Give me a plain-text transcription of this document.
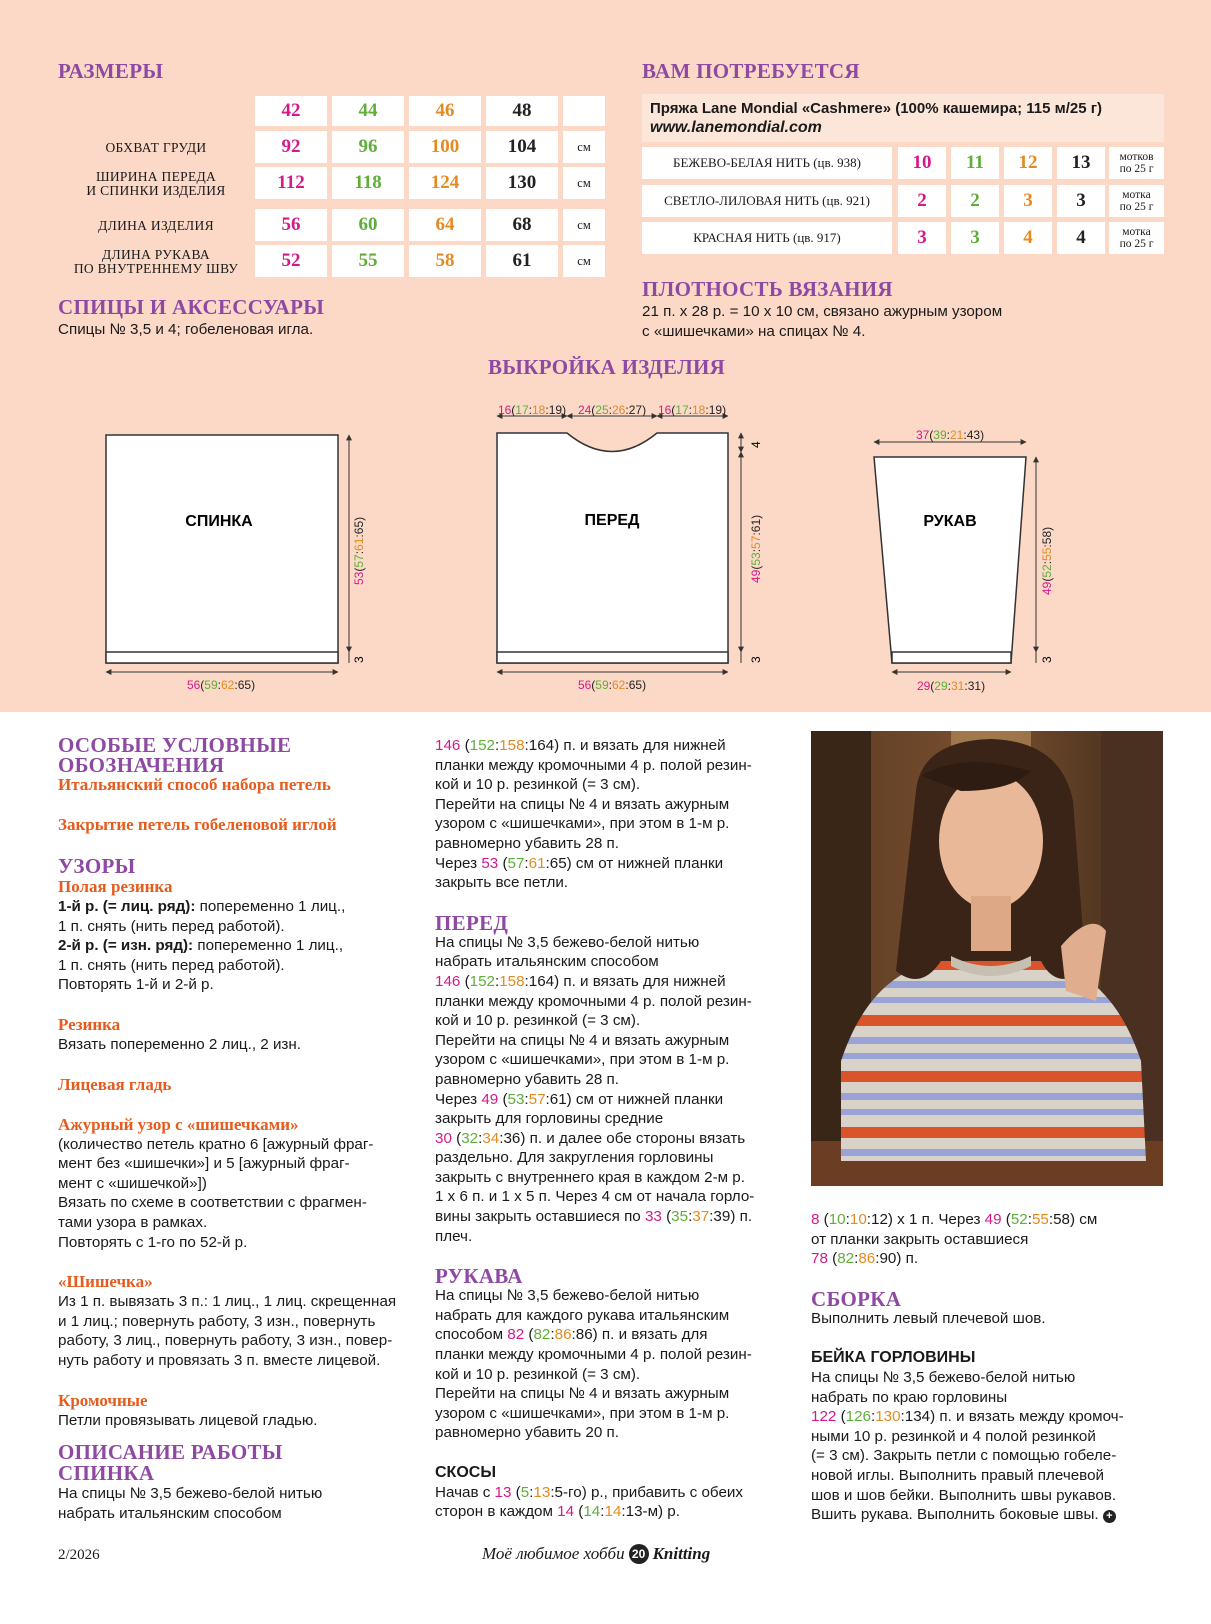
РАЗМЕРЫ
42	44	46	48
ОБХВАТ ГРУДИ	92	96	100	104	см
ШИРИНА ПЕРЕДА
И СПИНКИ ИЗДЕЛИЯ	112	118	124	130	см
ДЛИНА ИЗДЕЛИЯ	56	60	64	68	см
ДЛИНА РУКАВА
ПО ВНУТРЕННЕМУ ШВУ	52	55	58	61	см
СПИЦЫ И АКСЕССУАРЫ
Спицы № 3,5 и 4; гобеленовая игла.
ВАМ ПОТРЕБУЕТСЯ
Пряжа Lane Mondial «Cashmere» (100% кашемира; 115 м/25 г)
www.lanemondial.com
БЕЖЕВО-БЕЛАЯ НИТЬ (цв. 938)	10	11	12	13	мотков
по 25 г
СВЕТЛО-ЛИЛОВАЯ НИТЬ (цв. 921)	2	2	3	3	мотка
по 25 г
КРАСНАЯ НИТЬ (цв. 917)	3	3	4	4	мотка
по 25 г
ПЛОТНОСТЬ ВЯЗАНИЯ
21 п. х 28 р. = 10 х 10 см, связано ажурным узором
с «шишечками» на спицах № 4.
ВЫКРОЙКА ИЗДЕЛИЯ
СПИНКА
56(59:62:65)
53(57:61:65)
3
ПЕРЕД
16(17:18:19) 24(25:26:27) 16(17:18:19)
56(59:62:65)
4
49(53:57:61)
3
РУКАВ
37(39:21:43)
29(29:31:31)
49(52:55:58)
3
ОСОБЫЕ УСЛОВНЫЕ
ОБОЗНАЧЕНИЯ

Итальянский способ набора петель

Закрытие петель гобеленовой иглой

УЗОРЫ

Полая резинка

1-й р. (= лиц. ряд): попеременно 1 лиц.,

1 п. снять (нить перед работой).

2-й р. (= изн. ряд): попеременно 1 лиц.,

1 п. снять (нить перед работой).

Повторять 1-й и 2-й р.

Резинка

Вязать попеременно 2 лиц., 2 изн.

Лицевая гладь

Ажурный узор с «шишечками»

(количество петель кратно 6 [ажурный фраг-

мент без «шишечки»] и 5 [ажурный фраг-

мент с «шишечкой»])

Вязать по схеме в соответствии с фрагмен-

тами узора в рамках.

Повторять с 1-го по 52-й р.

«Шишечка»

Из 1 п. вывязать 3 п.: 1 лиц., 1 лиц. скрещенная

и 1 лиц.; повернуть работу, 3 изн., повернуть

работу, 3 лиц., повернуть работу, 3 изн., повер-

нуть работу и провязать 3 п. вместе лицевой.

Кромочные

Петли провязывать лицевой гладью.

ОПИСАНИЕ РАБОТЫ
СПИНКА

На спицы № 3,5 бежево-белой нитью

набрать итальянским способом

146 (152:158:164) п. и вязать для нижней

планки между кромочными 4 р. полой резин-

кой и 10 р. резинкой (= 3 см).

Перейти на спицы № 4 и вязать ажурным

узором с «шишечками», при этом в 1-м р.

равномерно убавить 28 п.

Через 53 (57:61:65) см от нижней планки

закрыть все петли.

ПЕРЕД

На спицы № 3,5 бежево-белой нитью

набрать итальянским способом

146 (152:158:164) п. и вязать для нижней

планки между кромочными 4 р. полой резин-

кой и 10 р. резинкой (= 3 см).

Перейти на спицы № 4 и вязать ажурным

узором с «шишечками», при этом в 1-м р.

равномерно убавить 28 п.

Через 49 (53:57:61) см от нижней планки

закрыть для горловины средние

30 (32:34:36) п. и далее обе стороны вязать

раздельно. Для закругления горловины

закрыть с внутреннего края в каждом 2-м р.

1 х 6 п. и 1 х 5 п. Через 4 см от начала горло-

вины закрыть оставшиеся по 33 (35:37:39) п.

плеч.

РУКАВА

На спицы № 3,5 бежево-белой нитью

набрать для каждого рукава итальянским

способом 82 (82:86:86) п. и вязать для

планки между кромочными 4 р. полой резин-

кой и 10 р. резинкой (= 3 см).

Перейти на спицы № 4 и вязать ажурным

узором с «шишечками», при этом в 1-м р.

равномерно убавить 20 п.

СКОСЫ

Начав с 13 (5:13:5-го) р., прибавить с обеих

сторон в каждом 14 (14:14:13-м) р.

8 (10:10:12) х 1 п. Через 49 (52:55:58) см

от планки закрыть оставшиеся

78 (82:86:90) п.

СБОРКА

Выполнить левый плечевой шов.

БЕЙКА ГОРЛОВИНЫ

На спицы № 3,5 бежево-белой нитью

набрать по краю горловины

122 (126:130:134) п. и вязать между кромоч-

ными 10 р. резинкой и 4 полой резинкой

(= 3 см). Закрыть петли с помощью гобеле-

новой иглы. Выполнить правый плечевой

шов и шов бейки. Выполнить швы рукавов.

Вшить рукава. Выполнить боковые швы. +

2/2026	Моё любимое хобби 20 Knitting
